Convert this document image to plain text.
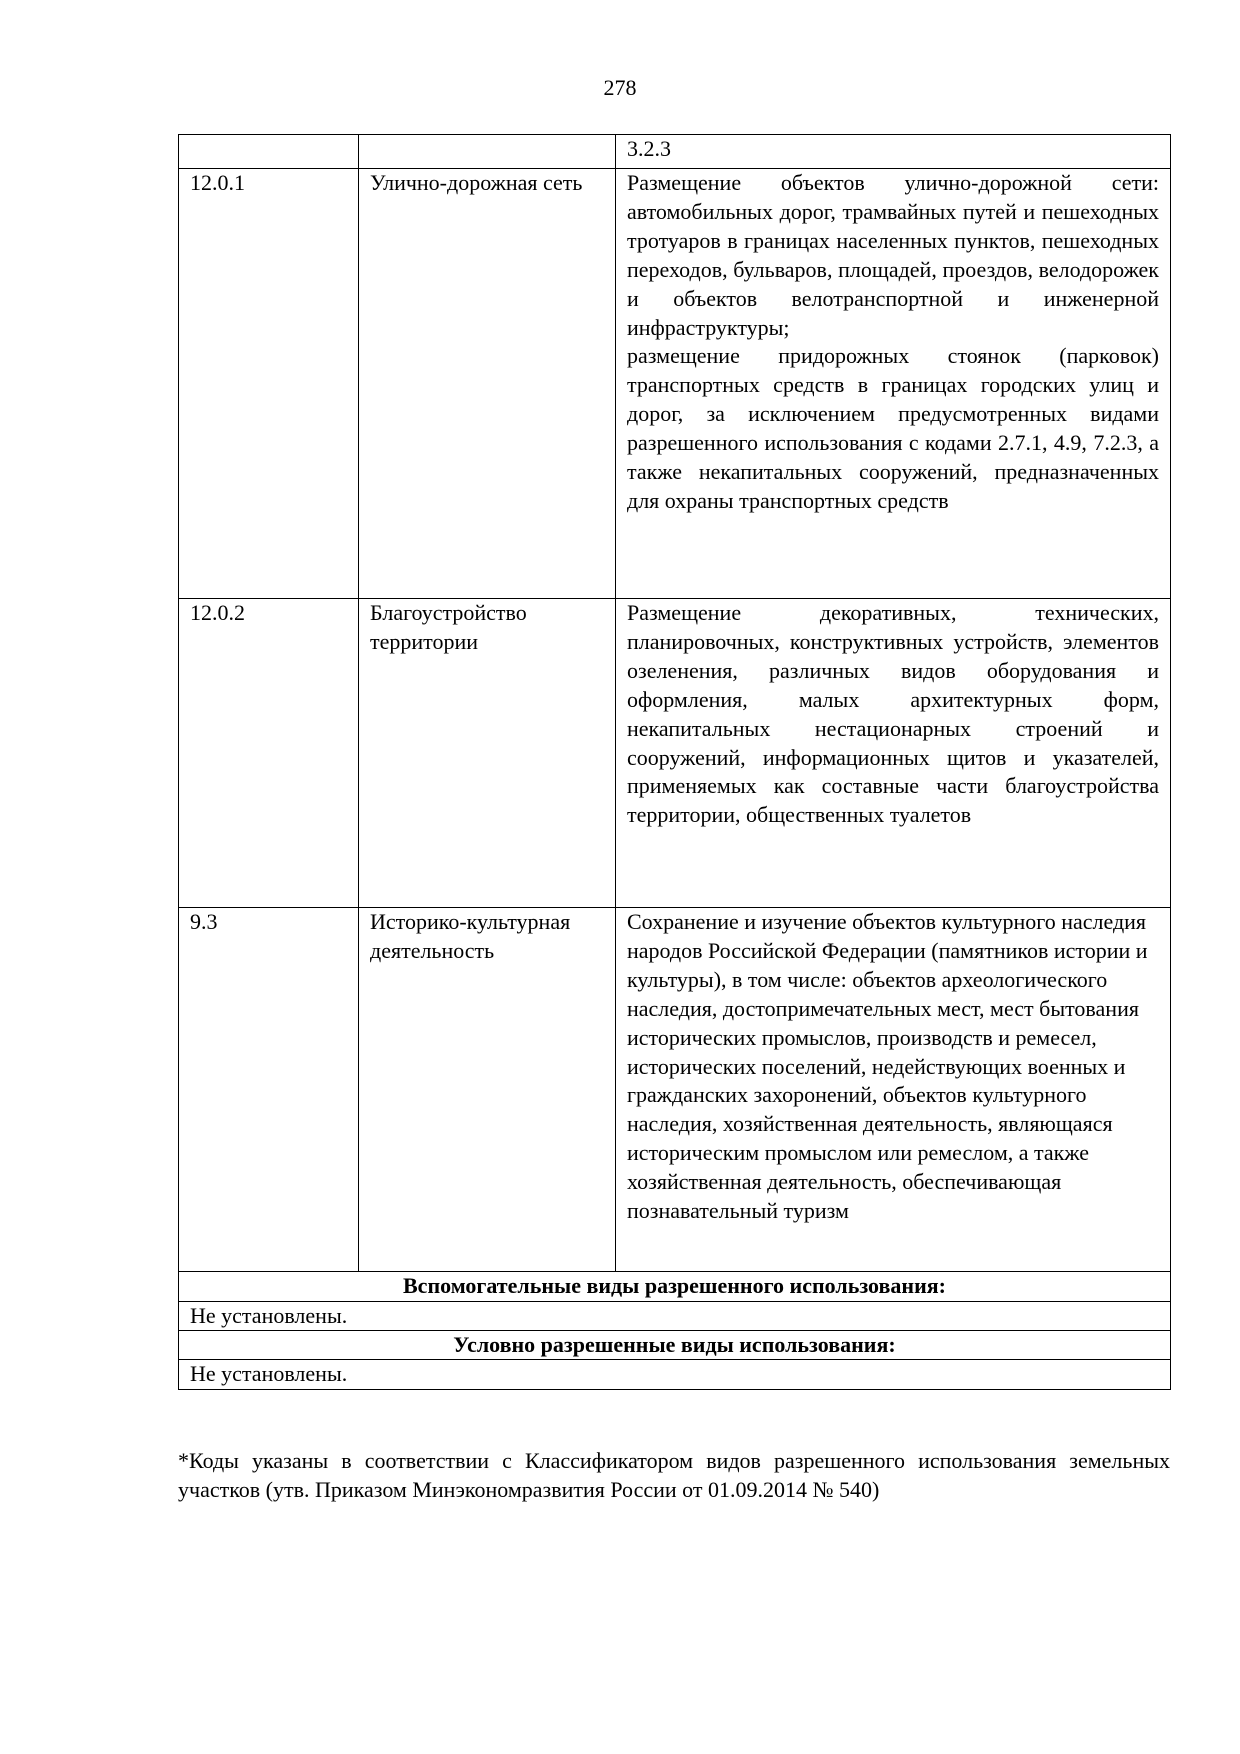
278

		3.2.3

12.0.1	Улично-дорожная сеть	Размещение объектов улично-дорожной сети: автомобильных дорог, трамвайных путей и пешеходных тротуаров в границах населенных пунктов, пешеходных переходов, бульваров, площадей, проездов, велодорожек и объектов велотранспортной и инженерной инфраструктуры;
размещение придорожных стоянок (парковок) транспортных средств в границах городских улиц и дорог, за исключением предусмотренных видами разрешенного использования с кодами 2.7.1, 4.9, 7.2.3, а также некапитальных сооружений, предназначенных для охраны транспортных средств

12.0.2	Благоустройство территории	Размещение декоративных, технических, планировочных, конструктивных устройств, элементов озеленения, различных видов оборудования и оформления, малых архитектурных форм, некапитальных нестационарных строений и сооружений, информационных щитов и указателей, применяемых как составные части благоустройства территории, общественных туалетов

9.3	Историко-культурная деятельность	Сохранение и изучение объектов культурного наследия народов Российской Федерации (памятников истории и культуры), в том числе: объектов археологического наследия, достопримечательных мест, мест бытования исторических промыслов, производств и ремесел, исторических поселений, недействующих военных и гражданских захоронений, объектов культурного наследия, хозяйственная деятельность, являющаяся историческим промыслом или ремеслом, а также хозяйственная деятельность, обеспечивающая познавательный туризм

Вспомогательные виды разрешенного использования:		
Не установлены.		
Условно разрешенные виды использования:		
Не установлены.		
*Коды указаны в соответствии с Классификатором видов разрешенного использования земельных участков (утв. Приказом Минэкономразвития России от 01.09.2014 № 540)
